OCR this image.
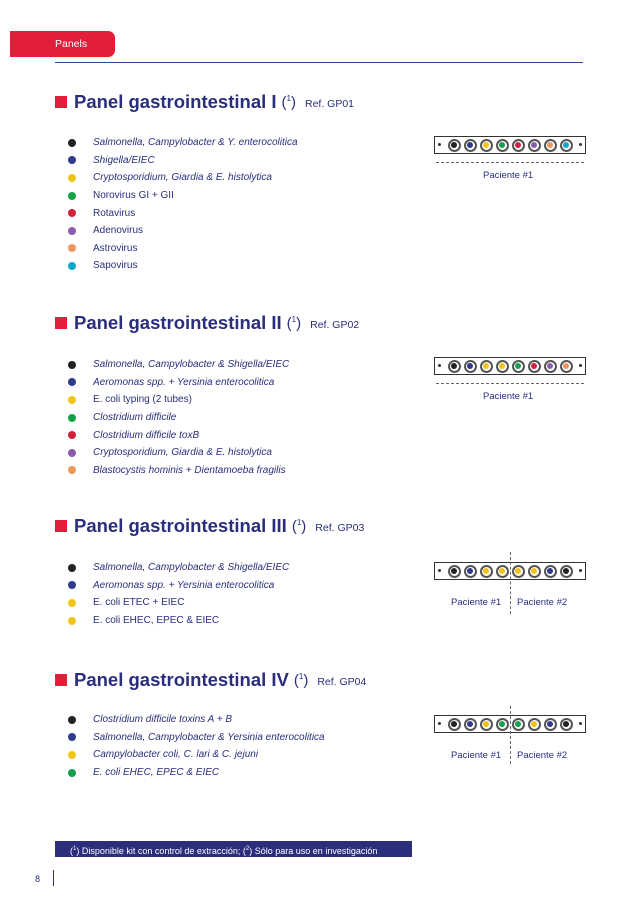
Panels
Panel gastrointestinal I ($^1$) Ref. GP01
Salmonella, Campylobacter & Y. enterocolitica
Shigella/EIEC
Cryptosporidium, Giardia & E. histolytica
Norovirus GI + GII
Rotavirus
Adenovirus
Astrovirus
Sapovirus
Paciente #1
Panel gastrointestinal II ($^1$) Ref. GP02
Salmonella, Campylobacter & Shigella/EIEC
Aeromonas spp. + Yersinia enterocolitica
E. coli typing (2 tubes)
Clostridium difficile
Clostridium difficile toxB
Cryptosporidium, Giardia & E. histolytica
Blastocystis hominis + Dientamoeba fragilis
Paciente #1
Panel gastrointestinal III ($^1$) Ref. GP03
Salmonella, Campylobacter & Shigella/EIEC
Aeromonas spp. + Yersinia enterocolitica
E. coli ETEC + EIEC
E. coli EHEC, EPEC & EIEC
Paciente #1 Paciente #2
Panel gastrointestinal IV ($^1$) Ref. GP04
Clostridium difficile toxins A + B
Salmonella, Campylobacter & Yersinia enterocolitica
Campylobacter coli, C. lari & C. jejuni
E. coli EHEC, EPEC & EIEC
Paciente #1 Paciente #2
($^1$) Disponible kit con control de extracción; ($^2$) Sólo para uso en investigación
8
